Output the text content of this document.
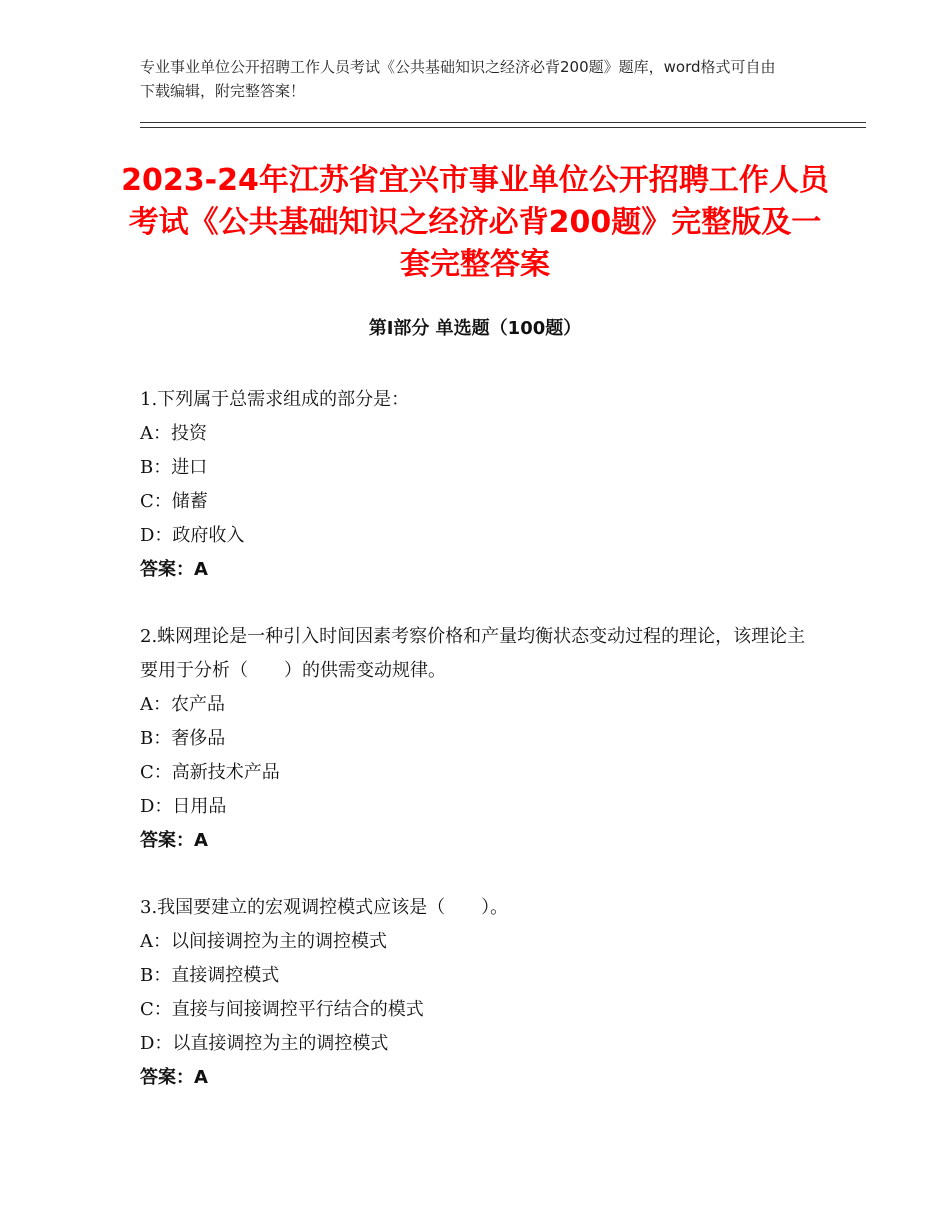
专业事业单位公开招聘工作人员考试《公共基础知识之经济必背200题》题库，word格式可自由下载编辑，附完整答案！
2023-24年江苏省宜兴市事业单位公开招聘工作人员考试《公共基础知识之经济必背200题》完整版及一套完整答案
第Ⅰ部分 单选题（100题）
1.下列属于总需求组成的部分是：
A：投资
B：进口
C：储蓄
D：政府收入
答案：A
2.蛛网理论是一种引入时间因素考察价格和产量均衡状态变动过程的理论，该理论主要用于分析（　　）的供需变动规律。
A：农产品
B：奢侈品
C：高新技术产品
D：日用品
答案：A
3.我国要建立的宏观调控模式应该是（　　）。
A：以间接调控为主的调控模式
B：直接调控模式
C：直接与间接调控平行结合的模式
D：以直接调控为主的调控模式
答案：A
